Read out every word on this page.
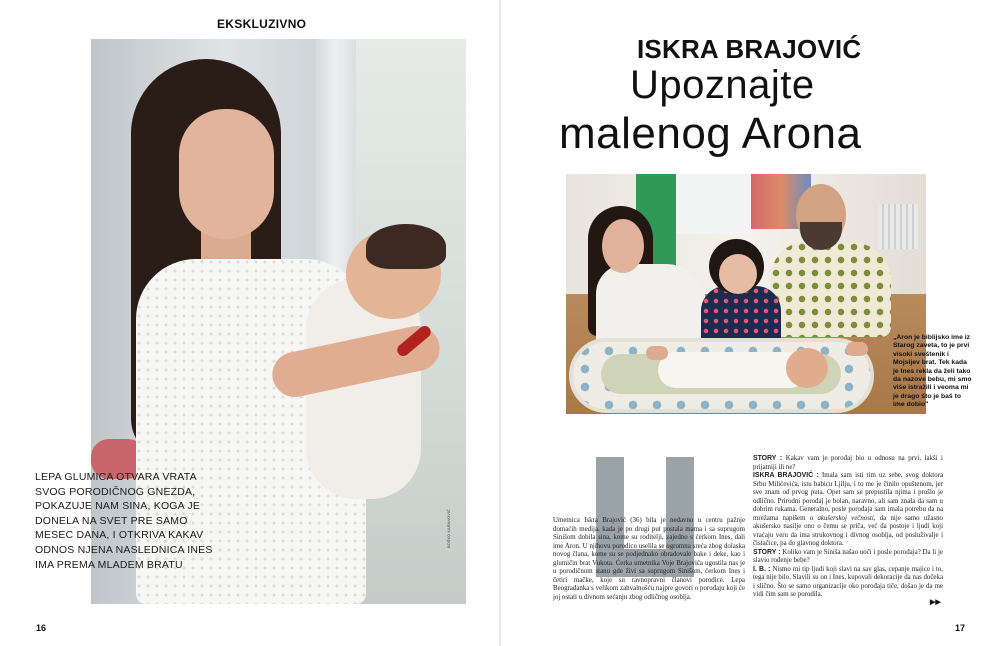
EKSKLUZIVNO
BOŠKO KARANOVIĆ
LEPA GLUMICA OTVARA VRATA SVOG PORODIČNOG GNEZDA, POKAZUJE NAM SINA, KOGA JE DONELA NA SVET PRE SAMO MESEC DANA, I OTKRIVA KAKAV ODNOS NJENA NASLEDNICA INES IMA PREMA MLADEM BRATU
16
ISKRA BRAJOVIĆ
Upoznajte
malenog Arona
„Aron je biblijsko ime iz Starog zaveta, to je prvi visoki sveštenik i Mojsijev brat. Tek kada je Ines rekla da želi tako da nazove bebu, mi smo više istražili i veoma mi je drago što je baš to ime dobio"
Umetnica Iskra Brajović (36) bila je nedavno u centru pažnje domaćih medija, kada je po drugi put postala mama i sa suprugom Sinišom dobila sina, kome su roditelji, zajedno s ćerkom Ines, dali ime Aron. U njihovu porodicu uselila se ogromna sreća zbog dolaska novog člana, kome su se podjednako obradovale bake i deke, kao i glumičin brat Vukota. Ćerka umetnika Voje Brajovića ugostila nas je u porodičnom stanu gde živi sa suprugom Sinišom, ćerkom Ines i četiri mačke, koje su ravnopravni članovi porodice. Lepa Beograđanka s velikom zahvalnošću najpre govori o porođaju koji će joj ostati u divnom sećanju zbog odličnog osoblja.

STORY : Kakav vam je porođaj bio u odnosu na prvi, lakši i prijatniji ili ne?

ISKRA BRAJOVIĆ : Imala sam isti tim uz sebe, svog doktora Srbu Milićevića, istu babicu Ljilju, i to me je činilo opuštenom, jer sve znam od prvog puta. Opet sam se prepustila njima i prošlo je odlično. Prirodni porođaj je bolan, naravno, ali sam znala da sam u dobrim rukama. Generalno, posle porođaja sam imala potrebu da na mrežama napišem o akušerskoj večnosti, da nije samo užasno akušersko nasilje ono o čemu se priča, već da postoje i ljudi koji vraćaju veru da ima strukovnog i divnog osoblja, od posluživalje i čistačice, pa do glavnog doktora.

STORY : Koliko vam je Siniša našao uoči i posle porođaja? Da li je slavio rođenje bebe?

I. B. : Nismo mi tip ljudi koji slavi na sav glas, cepanje majice i to, tega nije bilo. Slavili su on i Ines, kupovali dekoracije da nas dočeka i slično. Što se samo organizacije oko porođaja tiče, došao je da me vidi čim sam se porodila.

▶▶
17
